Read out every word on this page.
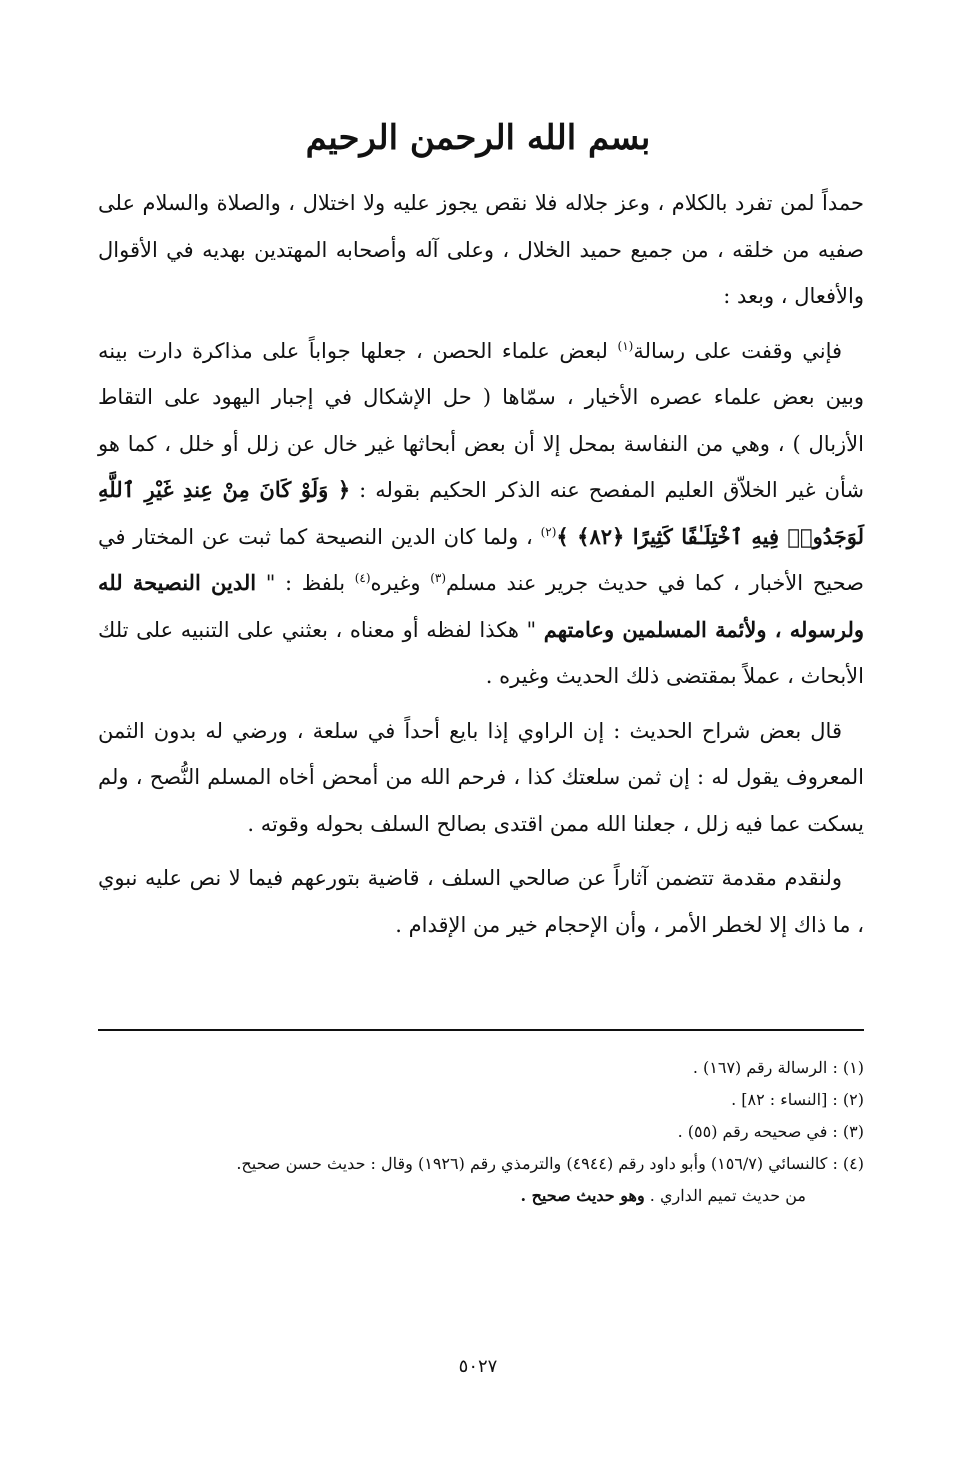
بسم الله الرحمن الرحيم

حمداً لمن تفرد بالكلام ، وعز جلاله فلا نقص يجوز عليه ولا اختلال ، والصلاة والسلام على صفيه من خلقه ، من جميع حميد الخلال ، وعلى آله وأصحابه المهتدين بهديه في الأقوال والأفعال ، وبعد :

فإني وقفت على رسالة$^{(١)}$ لبعض علماء الحصن ، جعلها جواباً على مذاكرة دارت بينه وبين بعض علماء عصره الأخيار ، سمّاها ( حل الإشكال في إجبار اليهود على التقاط الأزبال ) ، وهي من النفاسة بمحل إلا أن بعض أبحاثها غير خال عن زلل أو خلل ، كما هو شأن غير الخلاّق العليم المفصح عنه الذكر الحكيم بقوله : ﴿ وَلَوْ كَانَ مِنْ عِندِ غَيْرِ ٱللَّهِ لَوَجَدُوا۟ فِيهِ ٱخْتِلَـٰفًا كَثِيرًا ﴿٨٢﴾ ﴾$^{(٢)}$ ، ولما كان الدين النصيحة كما ثبت عن المختار في صحيح الأخبار ، كما في حديث جرير عند مسلم$^{(٣)}$ وغيره$^{(٤)}$ بلفظ : " الدين النصيحة لله ولرسوله ، ولأئمة المسلمين وعامتهم " هكذا لفظه أو معناه ، بعثني على التنبيه على تلك الأبحاث ، عملاً بمقتضى ذلك الحديث وغيره .

قال بعض شراح الحديث : إن الراوي إذا بايع أحداً في سلعة ، ورضي له بدون الثمن المعروف يقول له : إن ثمن سلعتك كذا ، فرحم الله من أمحض أخاه المسلم النُّصح ، ولم يسكت عما فيه زلل ، جعلنا الله ممن اقتدى بصالح السلف بحوله وقوته .

ولنقدم مقدمة تتضمن آثاراً عن صالحي السلف ، قاضية بتورعهم فيما لا نص عليه نبوي ، ما ذاك إلا لخطر الأمر ، وأن الإحجام خير من الإقدام .

(١) : الرسالة رقم (١٦٧) .

(٢) : [النساء : ٨٢] .

(٣) : في صحيحه رقم (٥٥) .

(٤) : كالنسائي (١٥٦/٧) وأبو داود رقم (٤٩٤٤) والترمذي رقم (١٩٢٦) وقال : حديث حسن صحيح.

من حديث تميم الداري . وهو حديث صحيح .

٥٠٢٧
